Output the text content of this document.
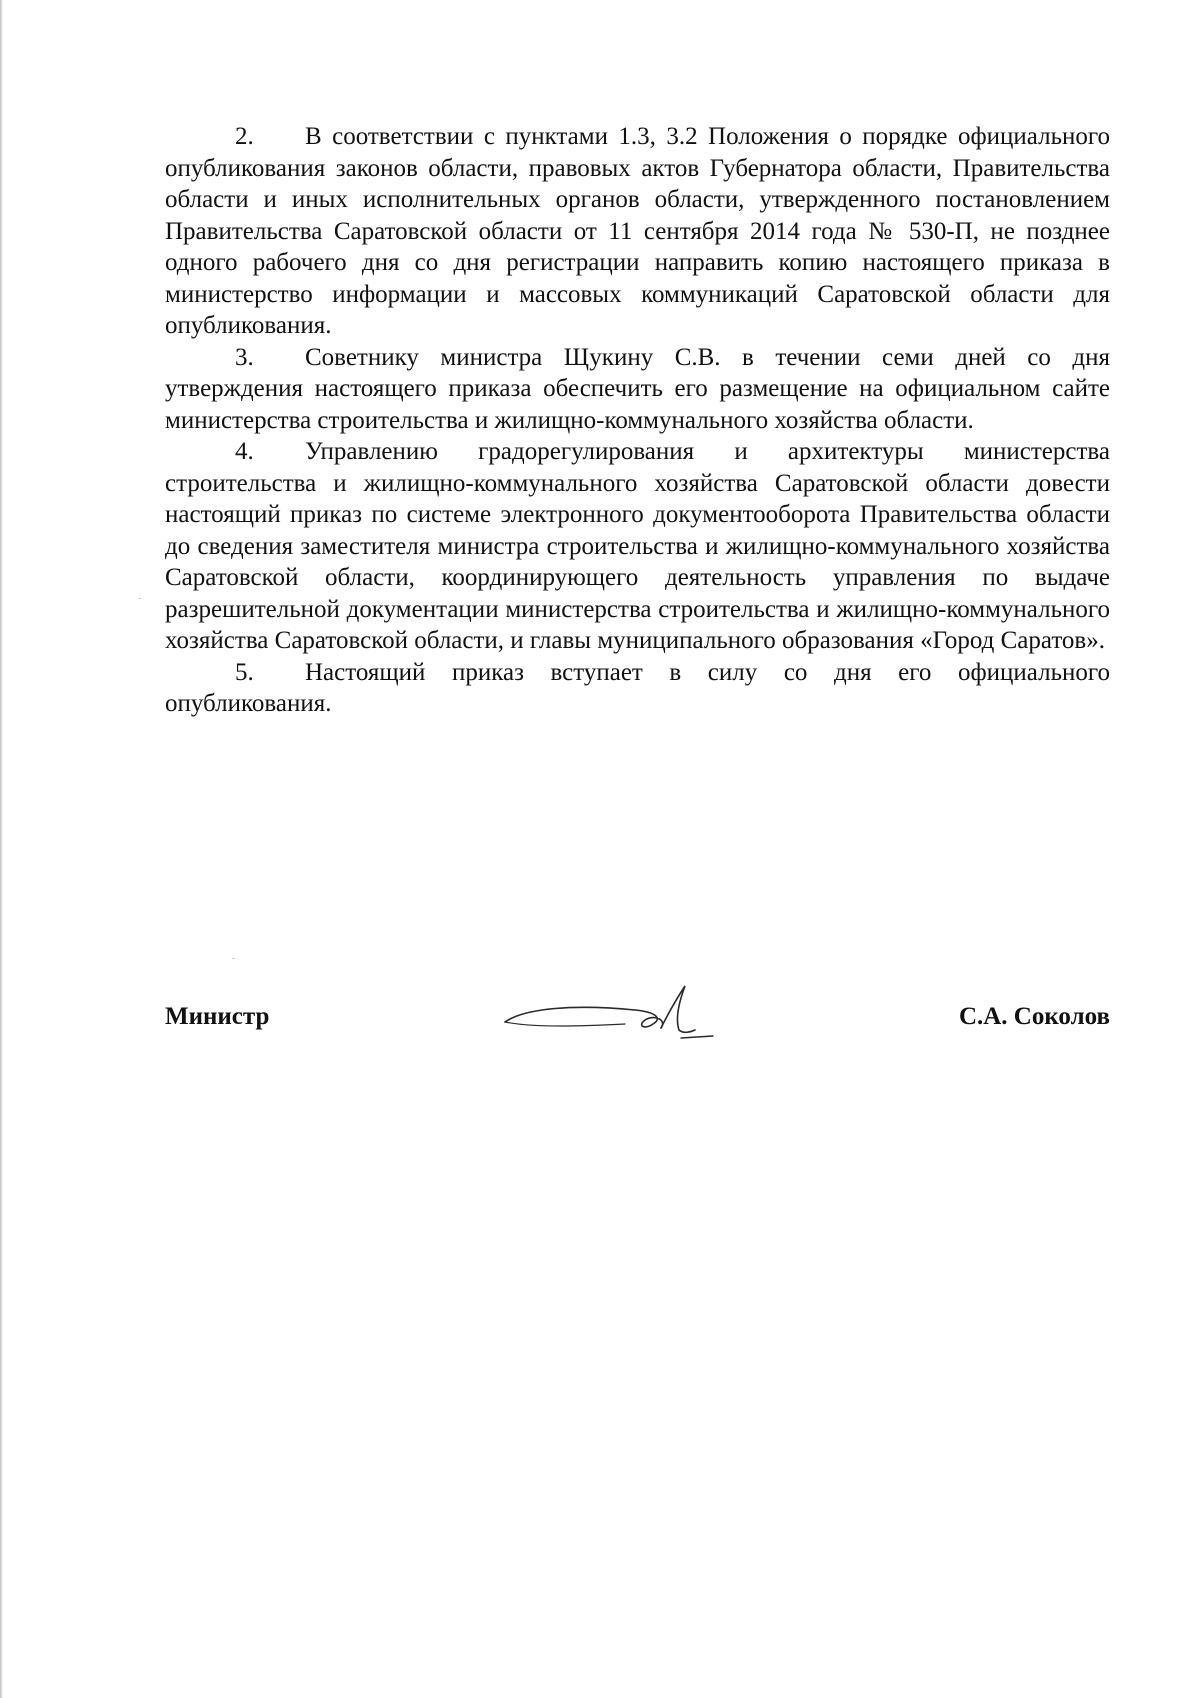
2. В соответствии с пунктами 1.3, 3.2 Положения о порядке официального опубликования законов области, правовых актов Губернатора области, Правительства области и иных исполнительных органов области, утвержденного постановлением Правительства Саратовской области от 11 сентября 2014 года № 530-П, не позднее одного рабочего дня со дня регистрации направить копию настоящего приказа в министерство информации и массовых коммуникаций Саратовской области для опубликования.

3. Советнику министра Щукину С.В. в течении семи дней со дня утверждения настоящего приказа обеспечить его размещение на официальном сайте министерства строительства и жилищно-коммунального хозяйства области.

4. Управлению градорегулирования и архитектуры министерства строительства и жилищно-коммунального хозяйства Саратовской области довести настоящий приказ по системе электронного документооборота Правительства области до сведения заместителя министра строительства и жилищно-коммунального хозяйства Саратовской области, координирующего деятельность управления по выдаче разрешительной документации министерства строительства и жилищно-коммунального хозяйства Саратовской области, и главы муниципального образования «Город Саратов».

5. Настоящий приказ вступает в силу со дня его официального опубликования.

Министр	С.А. Соколов
